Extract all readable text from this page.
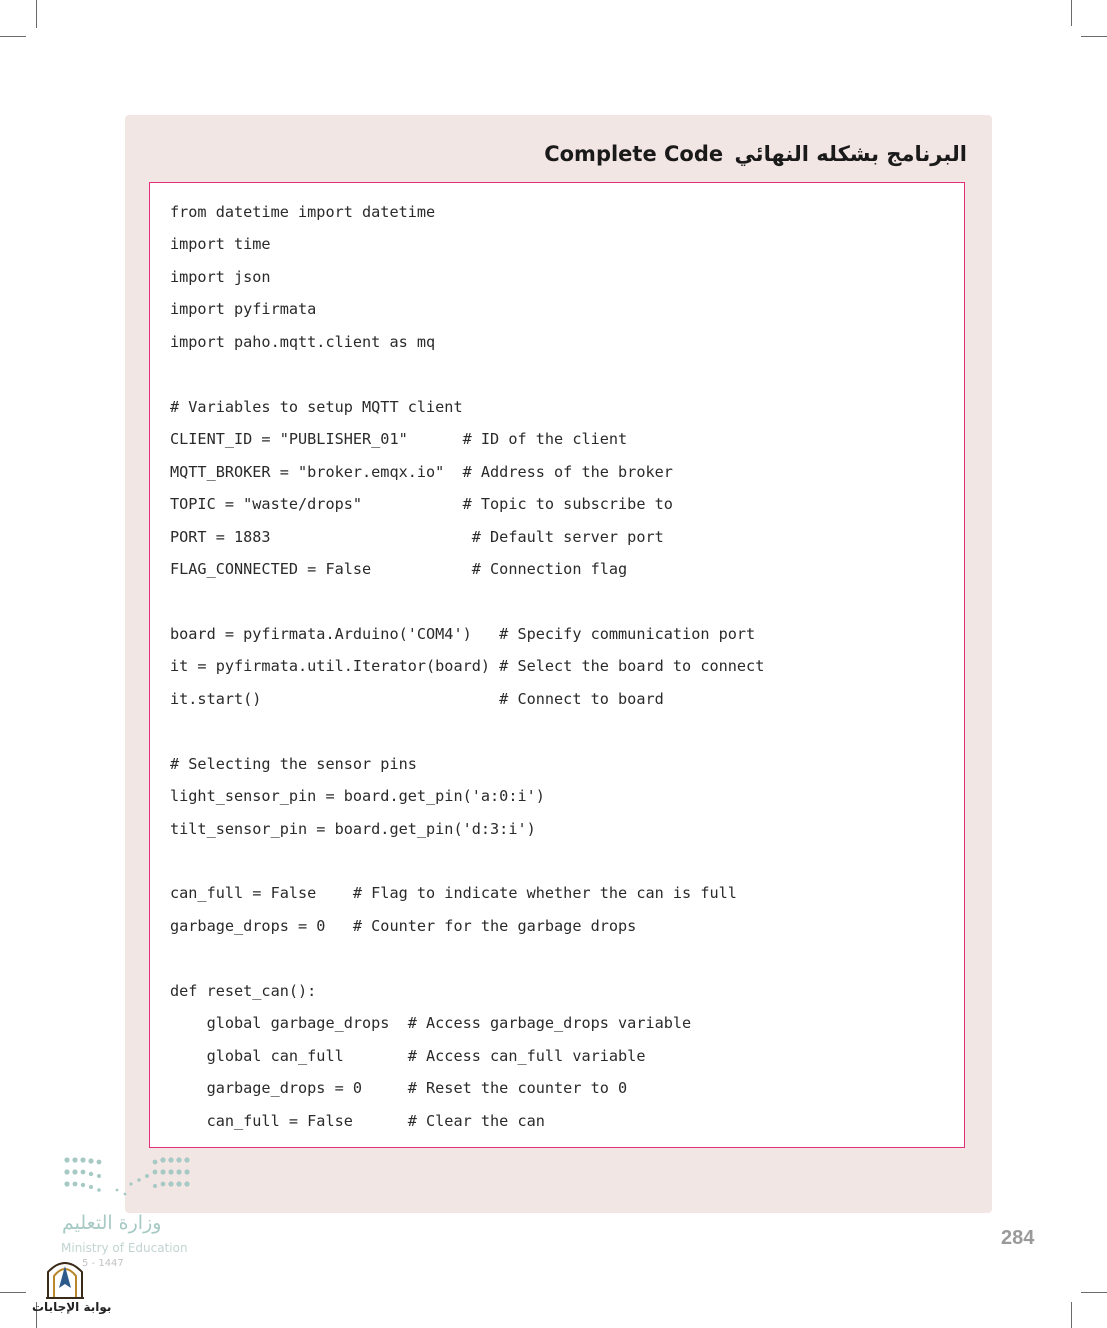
Complete Code البرنامج بشكله النهائي
from datetime import datetime
import time
import json
import pyfirmata
import paho.mqtt.client as mq
# Variables to setup MQTT client
CLIENT_ID = "PUBLISHER_01"      # ID of the client
MQTT_BROKER = "broker.emqx.io"  # Address of the broker
TOPIC = "waste/drops"           # Topic to subscribe to
PORT = 1883                      # Default server port
FLAG_CONNECTED = False           # Connection flag
board = pyfirmata.Arduino('COM4')   # Specify communication port
it = pyfirmata.util.Iterator(board) # Select the board to connect
it.start()                          # Connect to board
# Selecting the sensor pins
light_sensor_pin = board.get_pin('a:0:i')
tilt_sensor_pin = board.get_pin('d:3:i')
can_full = False    # Flag to indicate whether the can is full
garbage_drops = 0   # Counter for the garbage drops
def reset_can():
global garbage_drops  # Access garbage_drops variable
global can_full       # Access can_full variable
garbage_drops = 0     # Reset the counter to 0
can_full = False      # Clear the can
وزارة التعليم
Ministry of Education
5 - 1447
بوابة الإجابات
284
